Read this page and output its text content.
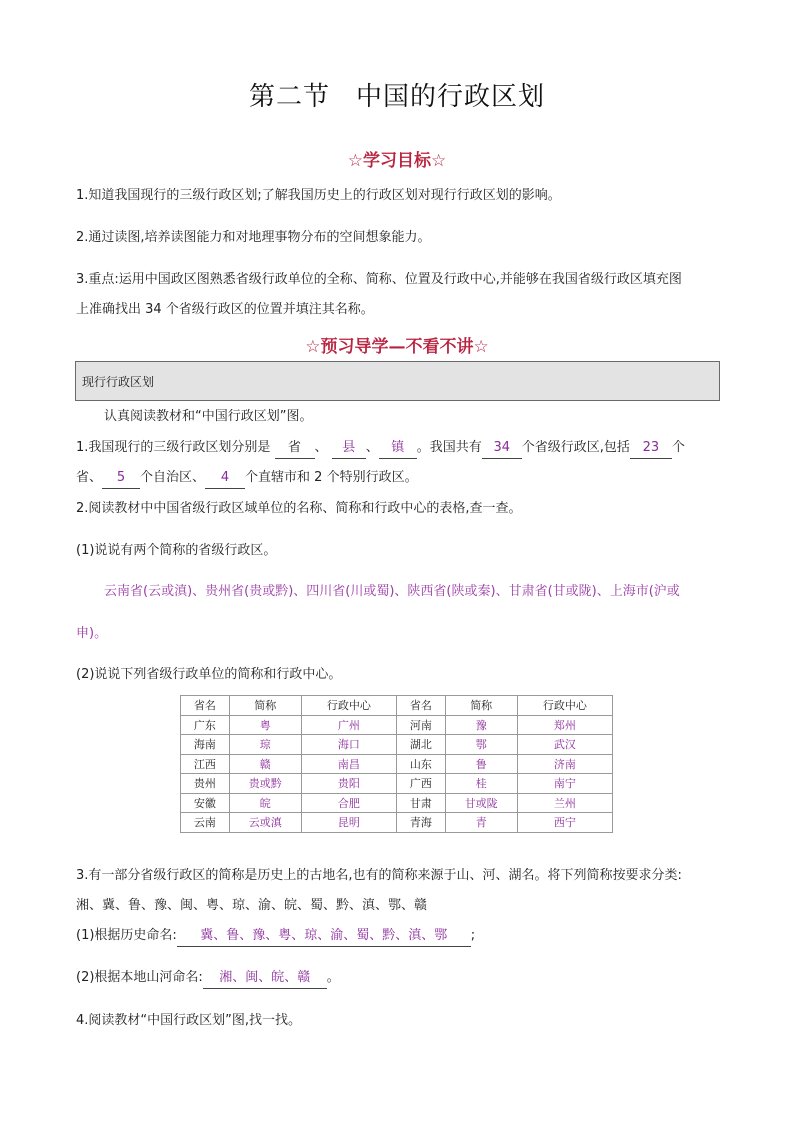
第二节 中国的行政区划
☆学习目标☆
1.知道我国现行的三级行政区划;了解我国历史上的行政区划对现行行政区划的影响。
2.通过读图,培养读图能力和对地理事物分布的空间想象能力。
3.重点:运用中国政区图熟悉省级行政单位的全称、简称、位置及行政中心,并能够在我国省级行政区填充图
上准确找出 34 个省级行政区的位置并填注其名称。
☆预习导学—不看不讲☆
现行行政区划
认真阅读教材和“中国行政区划”图。
1.我国现行的三级行政区划分别是 省 、 县 、 镇 。我国共有 34 个省级行政区,包括 23 个
省、 5 个自治区、 4 个直辖市和 2 个特别行政区。
2.阅读教材中中国省级行政区域单位的名称、简称和行政中心的表格,查一查。
(1)说说有两个简称的省级行政区。
云南省(云或滇)、贵州省(贵或黔)、四川省(川或蜀)、陕西省(陕或秦)、甘肃省(甘或陇)、上海市(沪或
申)。
(2)说说下列省级行政单位的简称和行政中心。
省名	简称	行政中心	省名	简称	行政中心
广东	粤	广州	河南	豫	郑州
海南	琼	海口	湖北	鄂	武汉
江西	赣	南昌	山东	鲁	济南
贵州	贵或黔	贵阳	广西	桂	南宁
安徽	皖	合肥	甘肃	甘或陇	兰州
云南	云或滇	昆明	青海	青	西宁
3.有一部分省级行政区的简称是历史上的古地名,也有的简称来源于山、河、湖名。将下列简称按要求分类:
湘、冀、鲁、豫、闽、粤、琼、渝、皖、蜀、黔、滇、鄂、赣
(1)根据历史命名: 冀、鲁、豫、粤、琼、渝、蜀、黔、滇、鄂 ;
(2)根据本地山河命名: 湘、闽、皖、赣 。
4.阅读教材“中国行政区划”图,找一找。
